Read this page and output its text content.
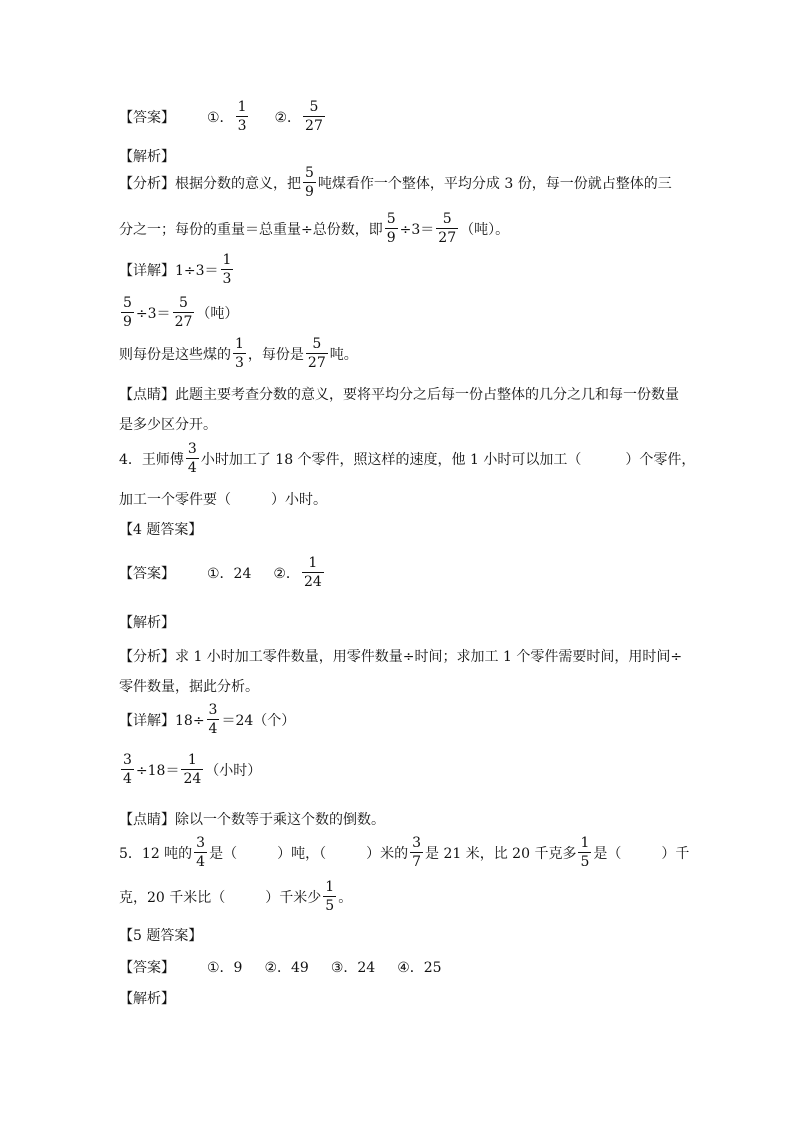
【答案】 ①． $\frac{1}{3}$ ②． $\frac{5}{27}$
【解析】
【分析】根据分数的意义，把 $\frac{5}{9}$ 吨煤看作一个整体，平均分成 3 份，每一份就占整体的三
分之一；每份的重量＝总重量÷总份数，即 $\frac{5}{9} \div 3= \frac{5}{27}$ （吨）。
【详解】$1\div 3= \frac{1}{3}$
$\frac{5}{9} \div 3= \frac{5}{27}$ （吨）
则每份是这些煤的 $\frac{1}{3}$ ，每份是 $\frac{5}{27}$ 吨。
【点睛】此题主要考查分数的意义，要将平均分之后每一份占整体的几分之几和每一份数量
是多少区分开。
4．王师傅 $\frac{3}{4}$ 小时加工了 18 个零件，照这样的速度，他 1 小时可以加工（	）个零件，
加工一个零件要（	）小时。
【4 题答案】
【答案】 ①．24 ②． $\frac{1}{24}$
【解析】
【分析】求 1 小时加工零件数量，用零件数量÷时间；求加工 1 个零件需要时间，用时间÷
零件数量，据此分析。
【详解】$18\div \frac{3}{4} =24$（个）
$\frac{3}{4} \div 18= \frac{1}{24}$ （小时）
【点睛】除以一个数等于乘这个数的倒数。
5．12 吨的 $\frac{3}{4}$ 是（	）吨，（	）米的 $\frac{3}{7}$ 是 21 米，比 20 千克多 $\frac{1}{5}$ 是（	）千
克，20 千米比（	）千米少 $\frac{1}{5}$ 。
【5 题答案】
【答案】 ①．9 ②．49 ③．24 ④．25
【解析】
